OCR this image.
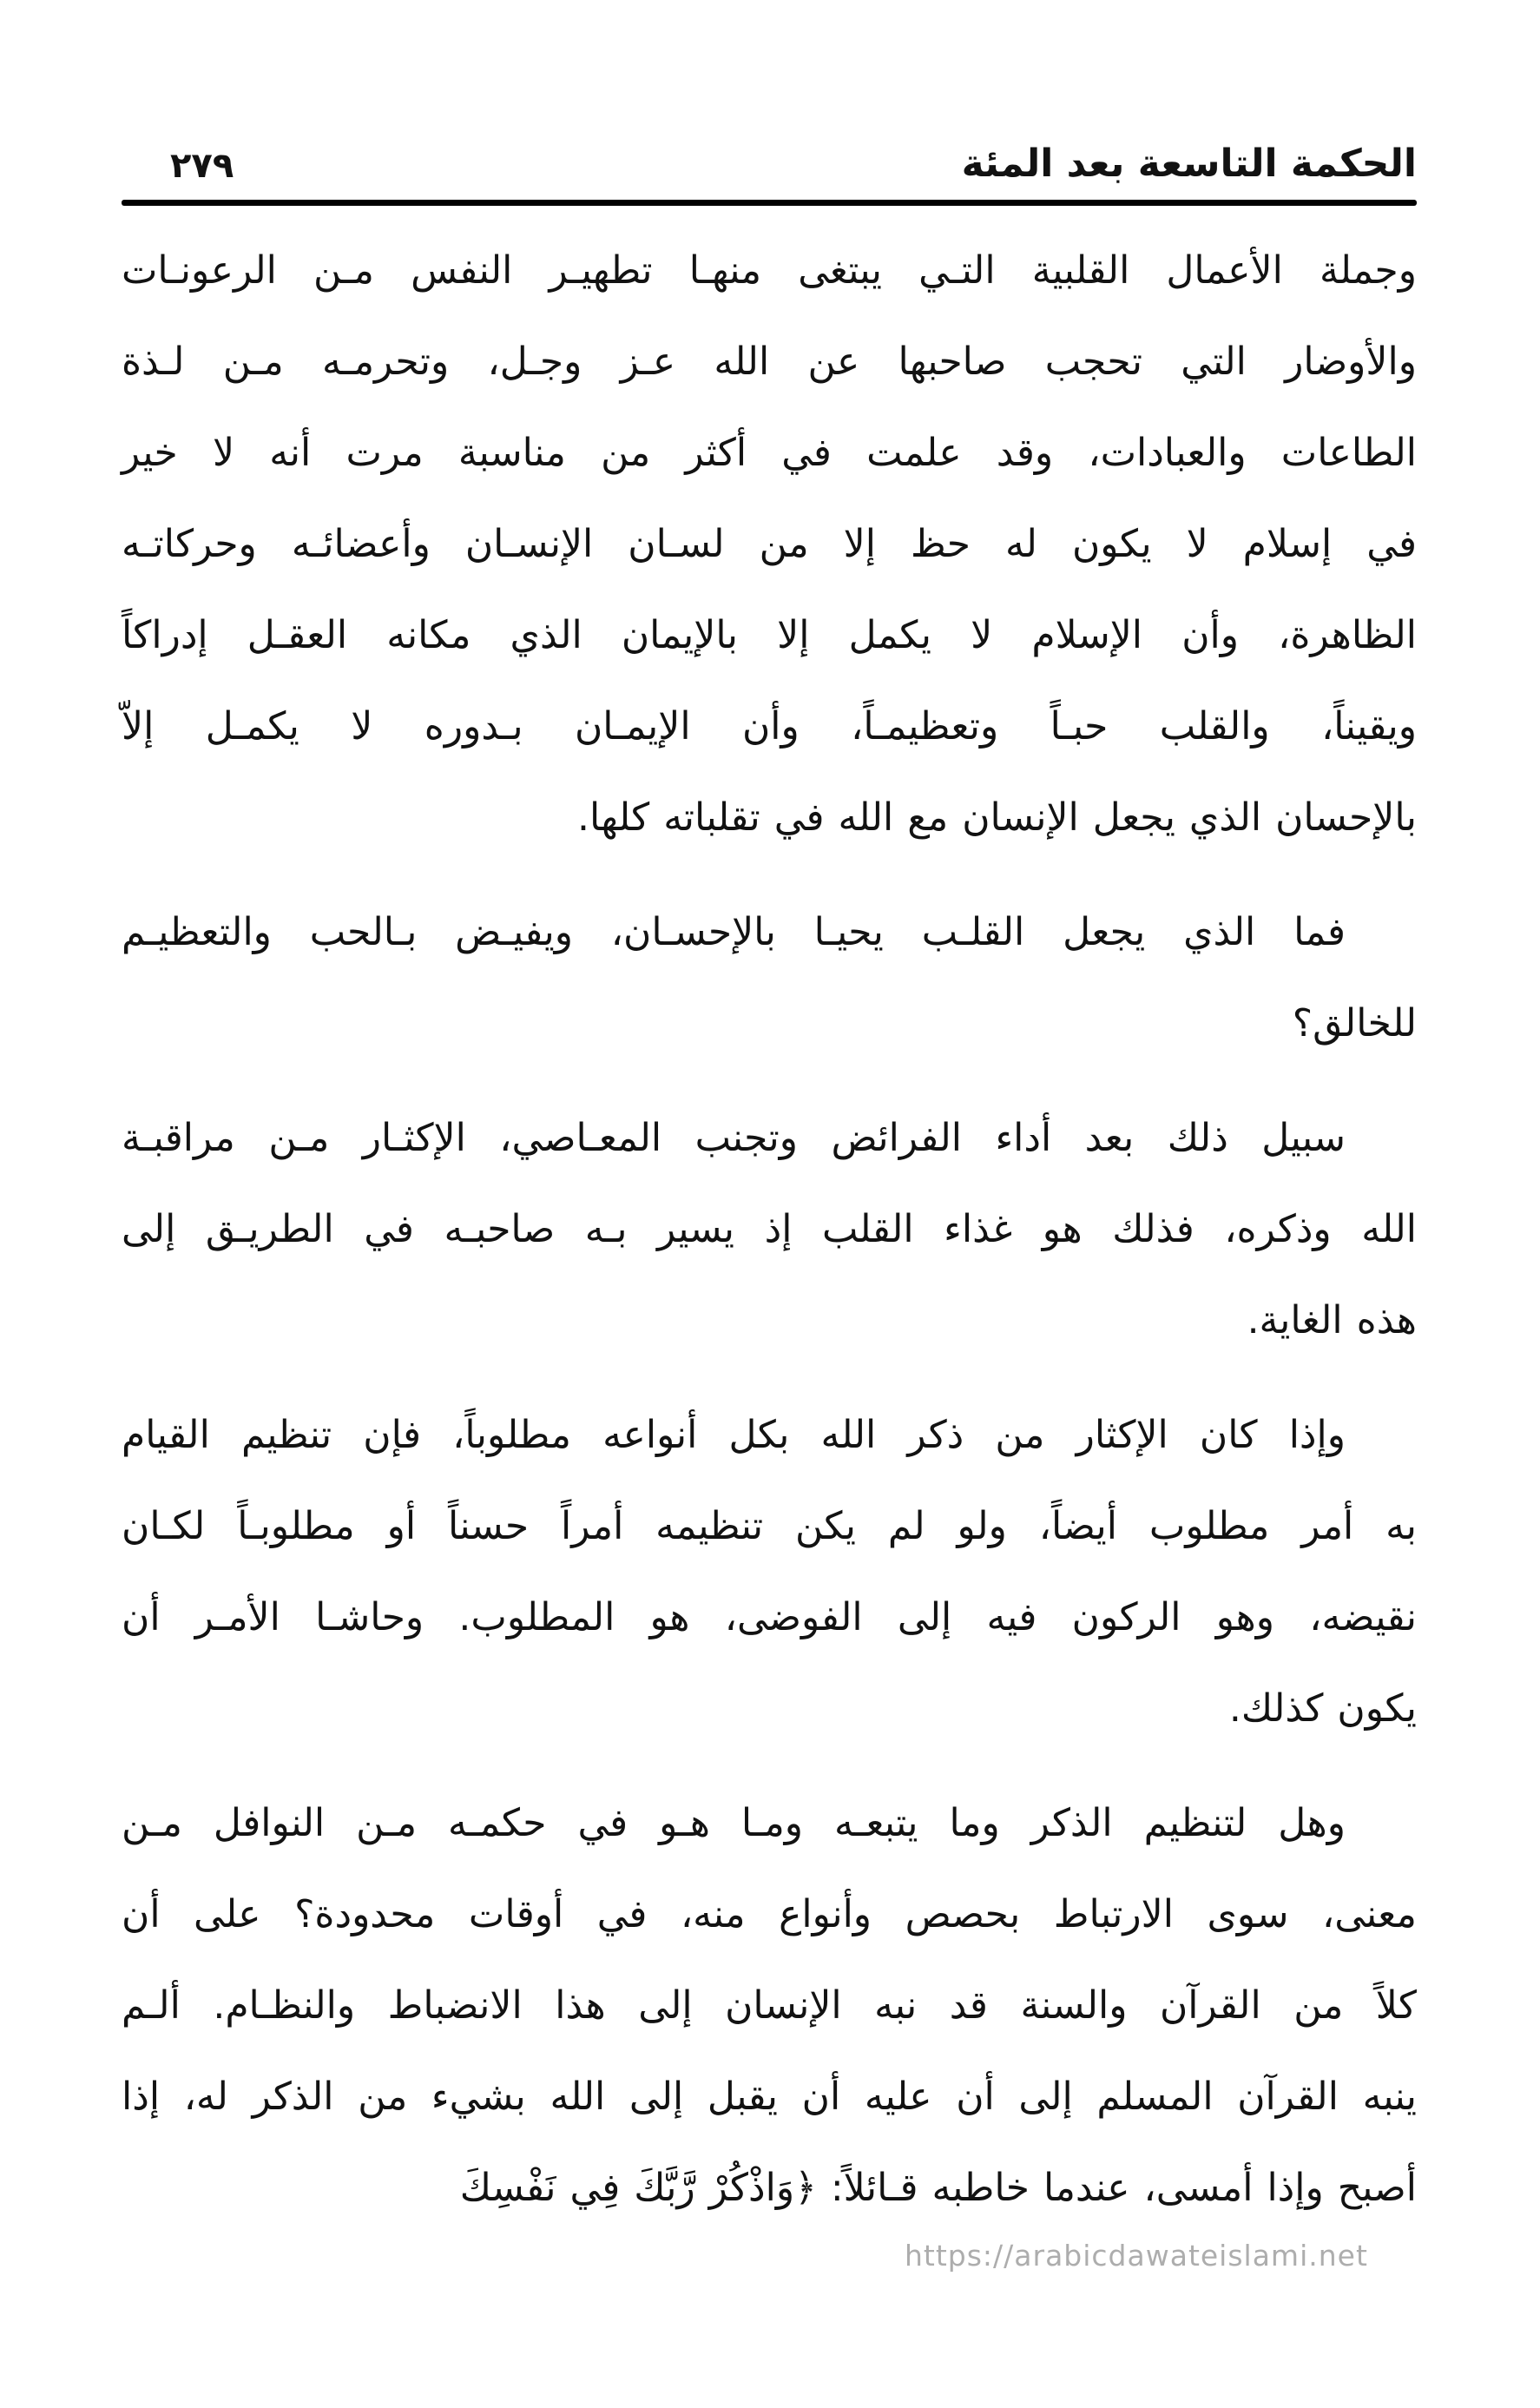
٢٧٩	الحكمة التاسعة بعد المئة

وجملة الأعمال القلبية التـي يبتغى منهـا تطهيـر النفس مـن الرعونـات
والأوضار التي تحجب صاحبها عن الله عـز وجـل، وتحرمـه مـن لـذة
الطاعات والعبادات، وقد علمت في أكثر من مناسبة مرت أنه لا خير
في إسلام لا يكون له حظ إلا من لسـان الإنسـان وأعضائـه وحركاتـه
الظاهرة، وأن الإسلام لا يكمل إلا بالإيمان الذي مكانه العقـل إدراكاً
ويقيناً، والقلب حبـاً وتعظيمـاً، وأن الإيمـان بـدوره لا يكمـل إلاّ
بالإحسان الذي يجعل الإنسان مع الله في تقلباته كلها.

فما الذي يجعل القلـب يحيـا بالإحسـان، ويفيـض بـالحب والتعظيـم
للخالق؟

سبيل ذلك بعد أداء الفرائض وتجنب المعـاصي، الإكثـار مـن مراقبـة
الله وذكره، فذلك هو غذاء القلب إذ يسير بـه صاحبـه في الطريـق إلى
هذه الغاية.

وإذا كان الإكثار من ذكر الله بكل أنواعه مطلوباً، فإن تنظيم القيام
به أمر مطلوب أيضاً، ولو لم يكن تنظيمه أمراً حسناً أو مطلوبـاً لكـان
نقيضه، وهو الركون فيه إلى الفوضى، هو المطلوب. وحاشـا الأمـر أن
يكون كذلك.

وهل لتنظيم الذكر وما يتبعـه ومـا هـو في حكمـه مـن النوافل مـن
معنى، سوى الارتباط بحصص وأنواع منه، في أوقات محدودة؟ على أن
كلاً من القرآن والسنة قد نبه الإنسان إلى هذا الانضباط والنظـام. ألـم
ينبه القرآن المسلم إلى أن عليه أن يقبل إلى الله بشيء من الذكر له، إذا
أصبح وإذا أمسى، عندما خاطبه قـائلاً: ﴿وَاذْكُرْ رَّبَّكَ فِي نَفْسِكَ

https://arabicdawateislami.net
